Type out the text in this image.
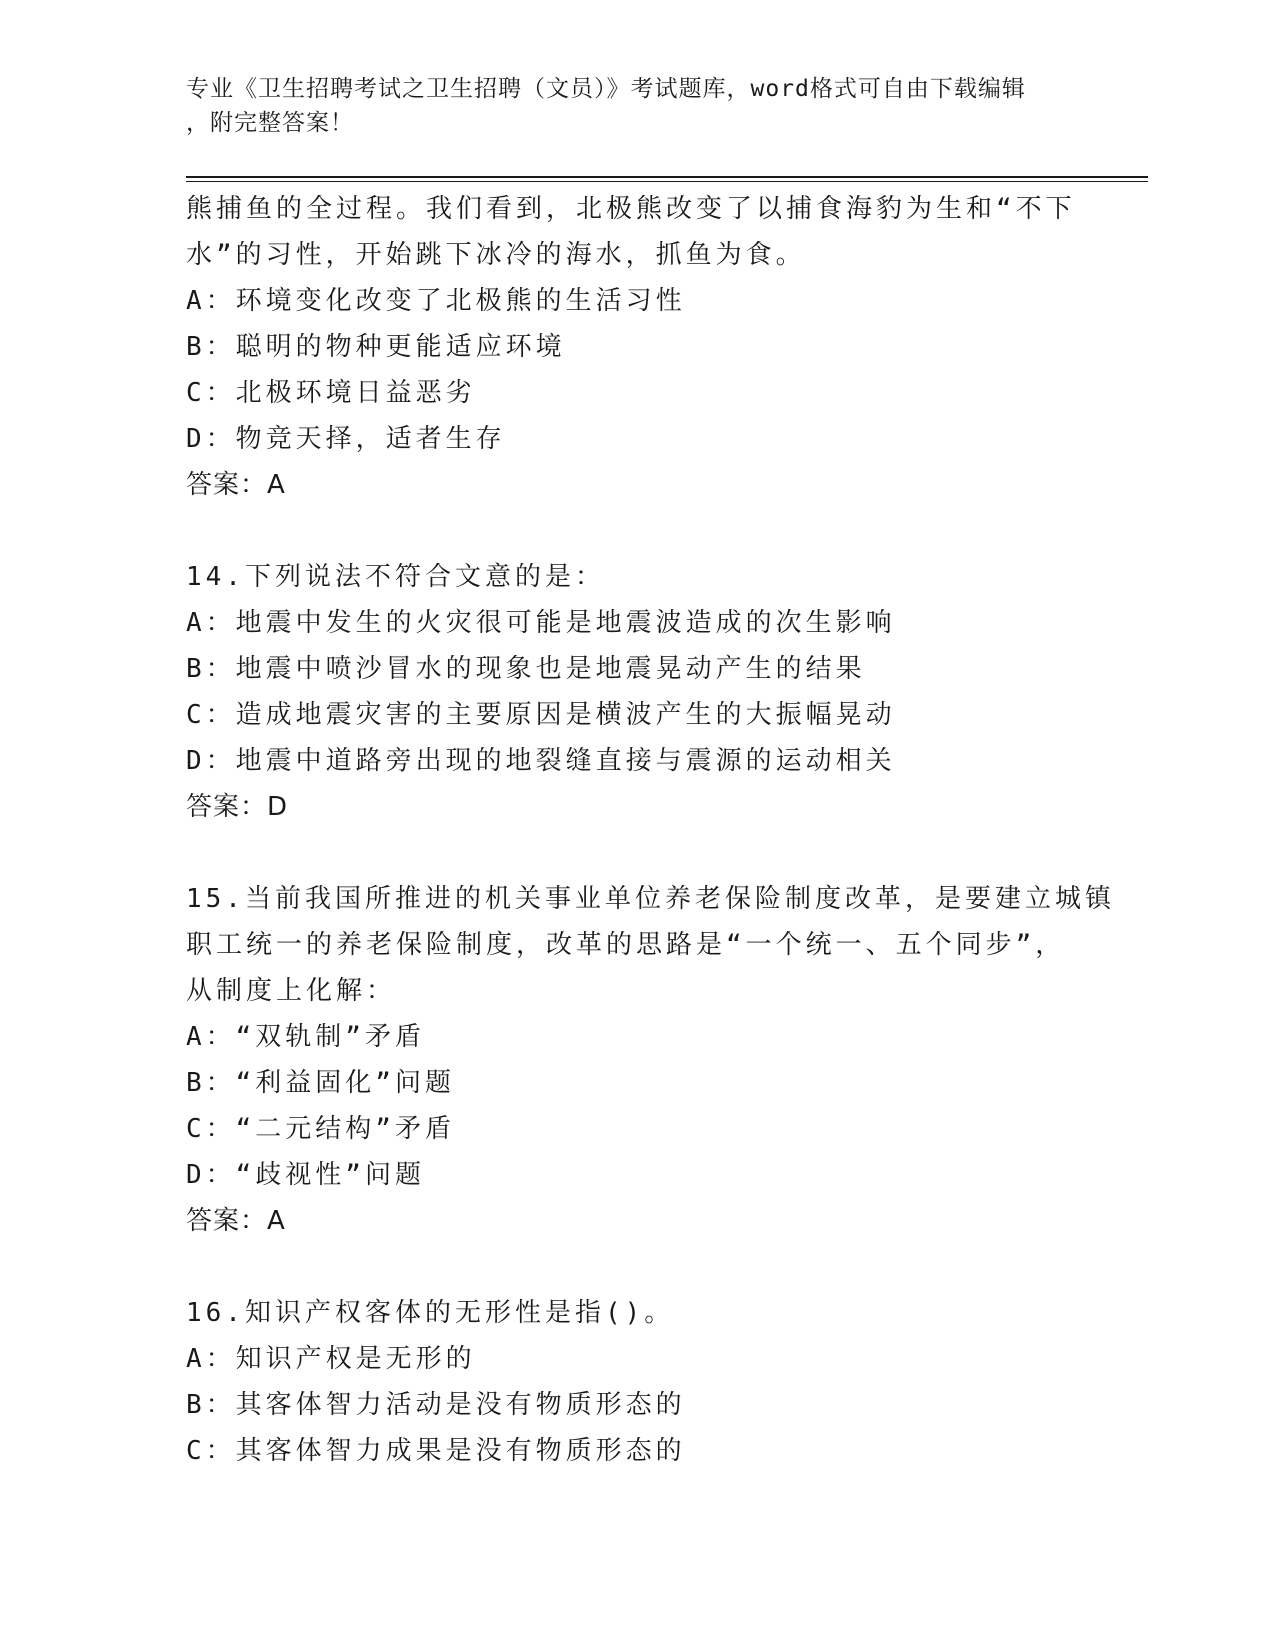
专业《卫生招聘考试之卫生招聘（文员）》考试题库，word格式可自由下载编辑
，附完整答案！
熊捕鱼的全过程。我们看到，北极熊改变了以捕食海豹为生和“不下
水”的习性，开始跳下冰冷的海水，抓鱼为食。
A：环境变化改变了北极熊的生活习性
B：聪明的物种更能适应环境
C：北极环境日益恶劣
D：物竞天择，适者生存
答案：A
14.下列说法不符合文意的是：
A：地震中发生的火灾很可能是地震波造成的次生影响
B：地震中喷沙冒水的现象也是地震晃动产生的结果
C：造成地震灾害的主要原因是横波产生的大振幅晃动
D：地震中道路旁出现的地裂缝直接与震源的运动相关
答案：D
15.当前我国所推进的机关事业单位养老保险制度改革，是要建立城镇
职工统一的养老保险制度，改革的思路是“一个统一、五个同步”，
从制度上化解：
A：“双轨制”矛盾
B：“利益固化”问题
C：“二元结构”矛盾
D：“歧视性”问题
答案：A
16.知识产权客体的无形性是指()。
A：知识产权是无形的
B：其客体智力活动是没有物质形态的
C：其客体智力成果是没有物质形态的
